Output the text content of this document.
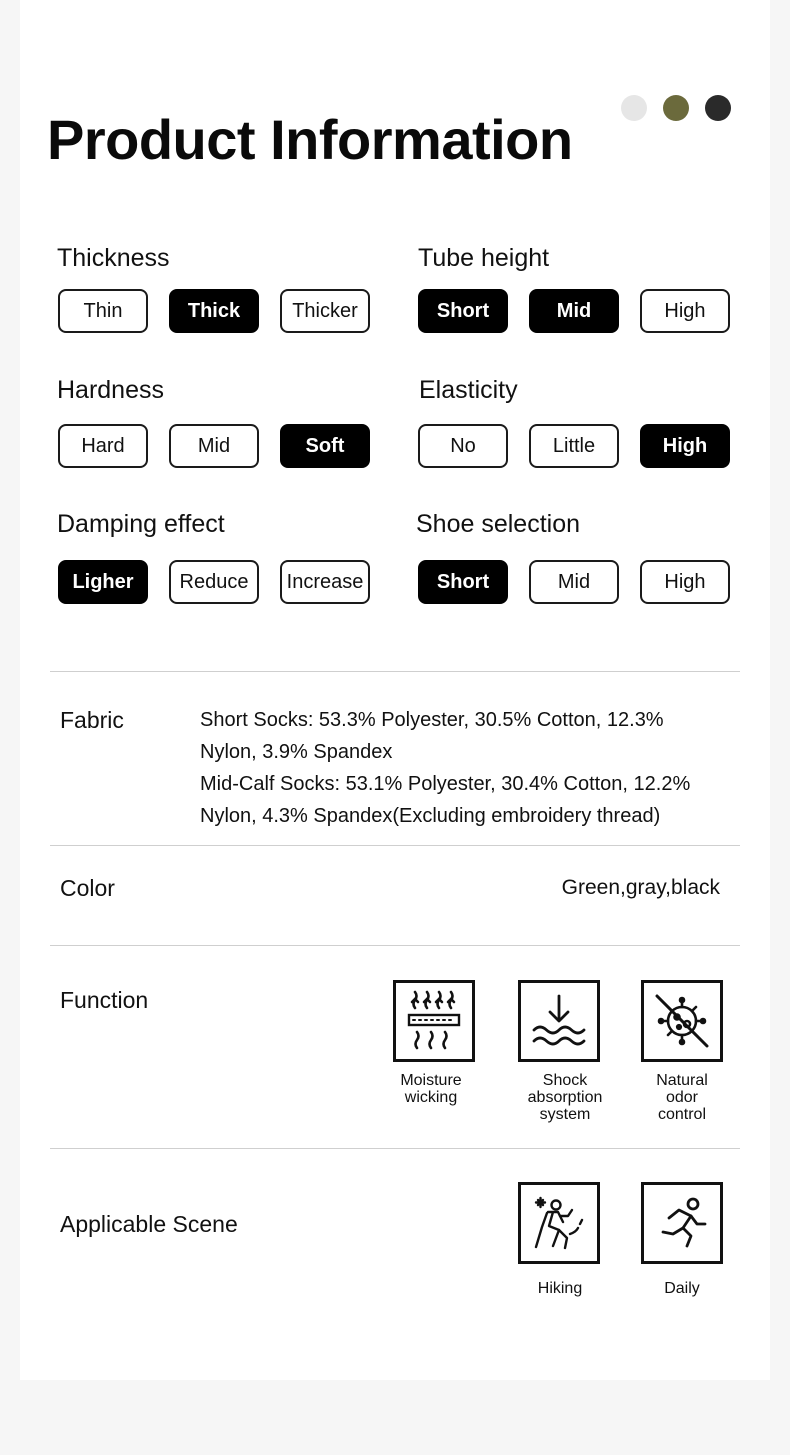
Product Information
Thickness
Thin	Thick	Thicker
Tube height
Short	Mid	High
Hardness
Hard	Mid	Soft
Elasticity
No	Little	High
Damping effect
Ligher	Reduce	Increase
Shoe selection
Short	Mid	High
Fabric	Short Socks: 53.3% Polyester, 30.5% Cotton, 12.3%
Nylon, 3.9% Spandex
Mid-Calf Socks: 53.1% Polyester, 30.4% Cotton, 12.2%
Nylon, 4.3% Spandex(Excluding embroidery thread)
Color	Green,gray,black
Function
Moisture
wicking
Shock
absorption
system
Natural
odor
control
Applicable Scene
Hiking	Daily
